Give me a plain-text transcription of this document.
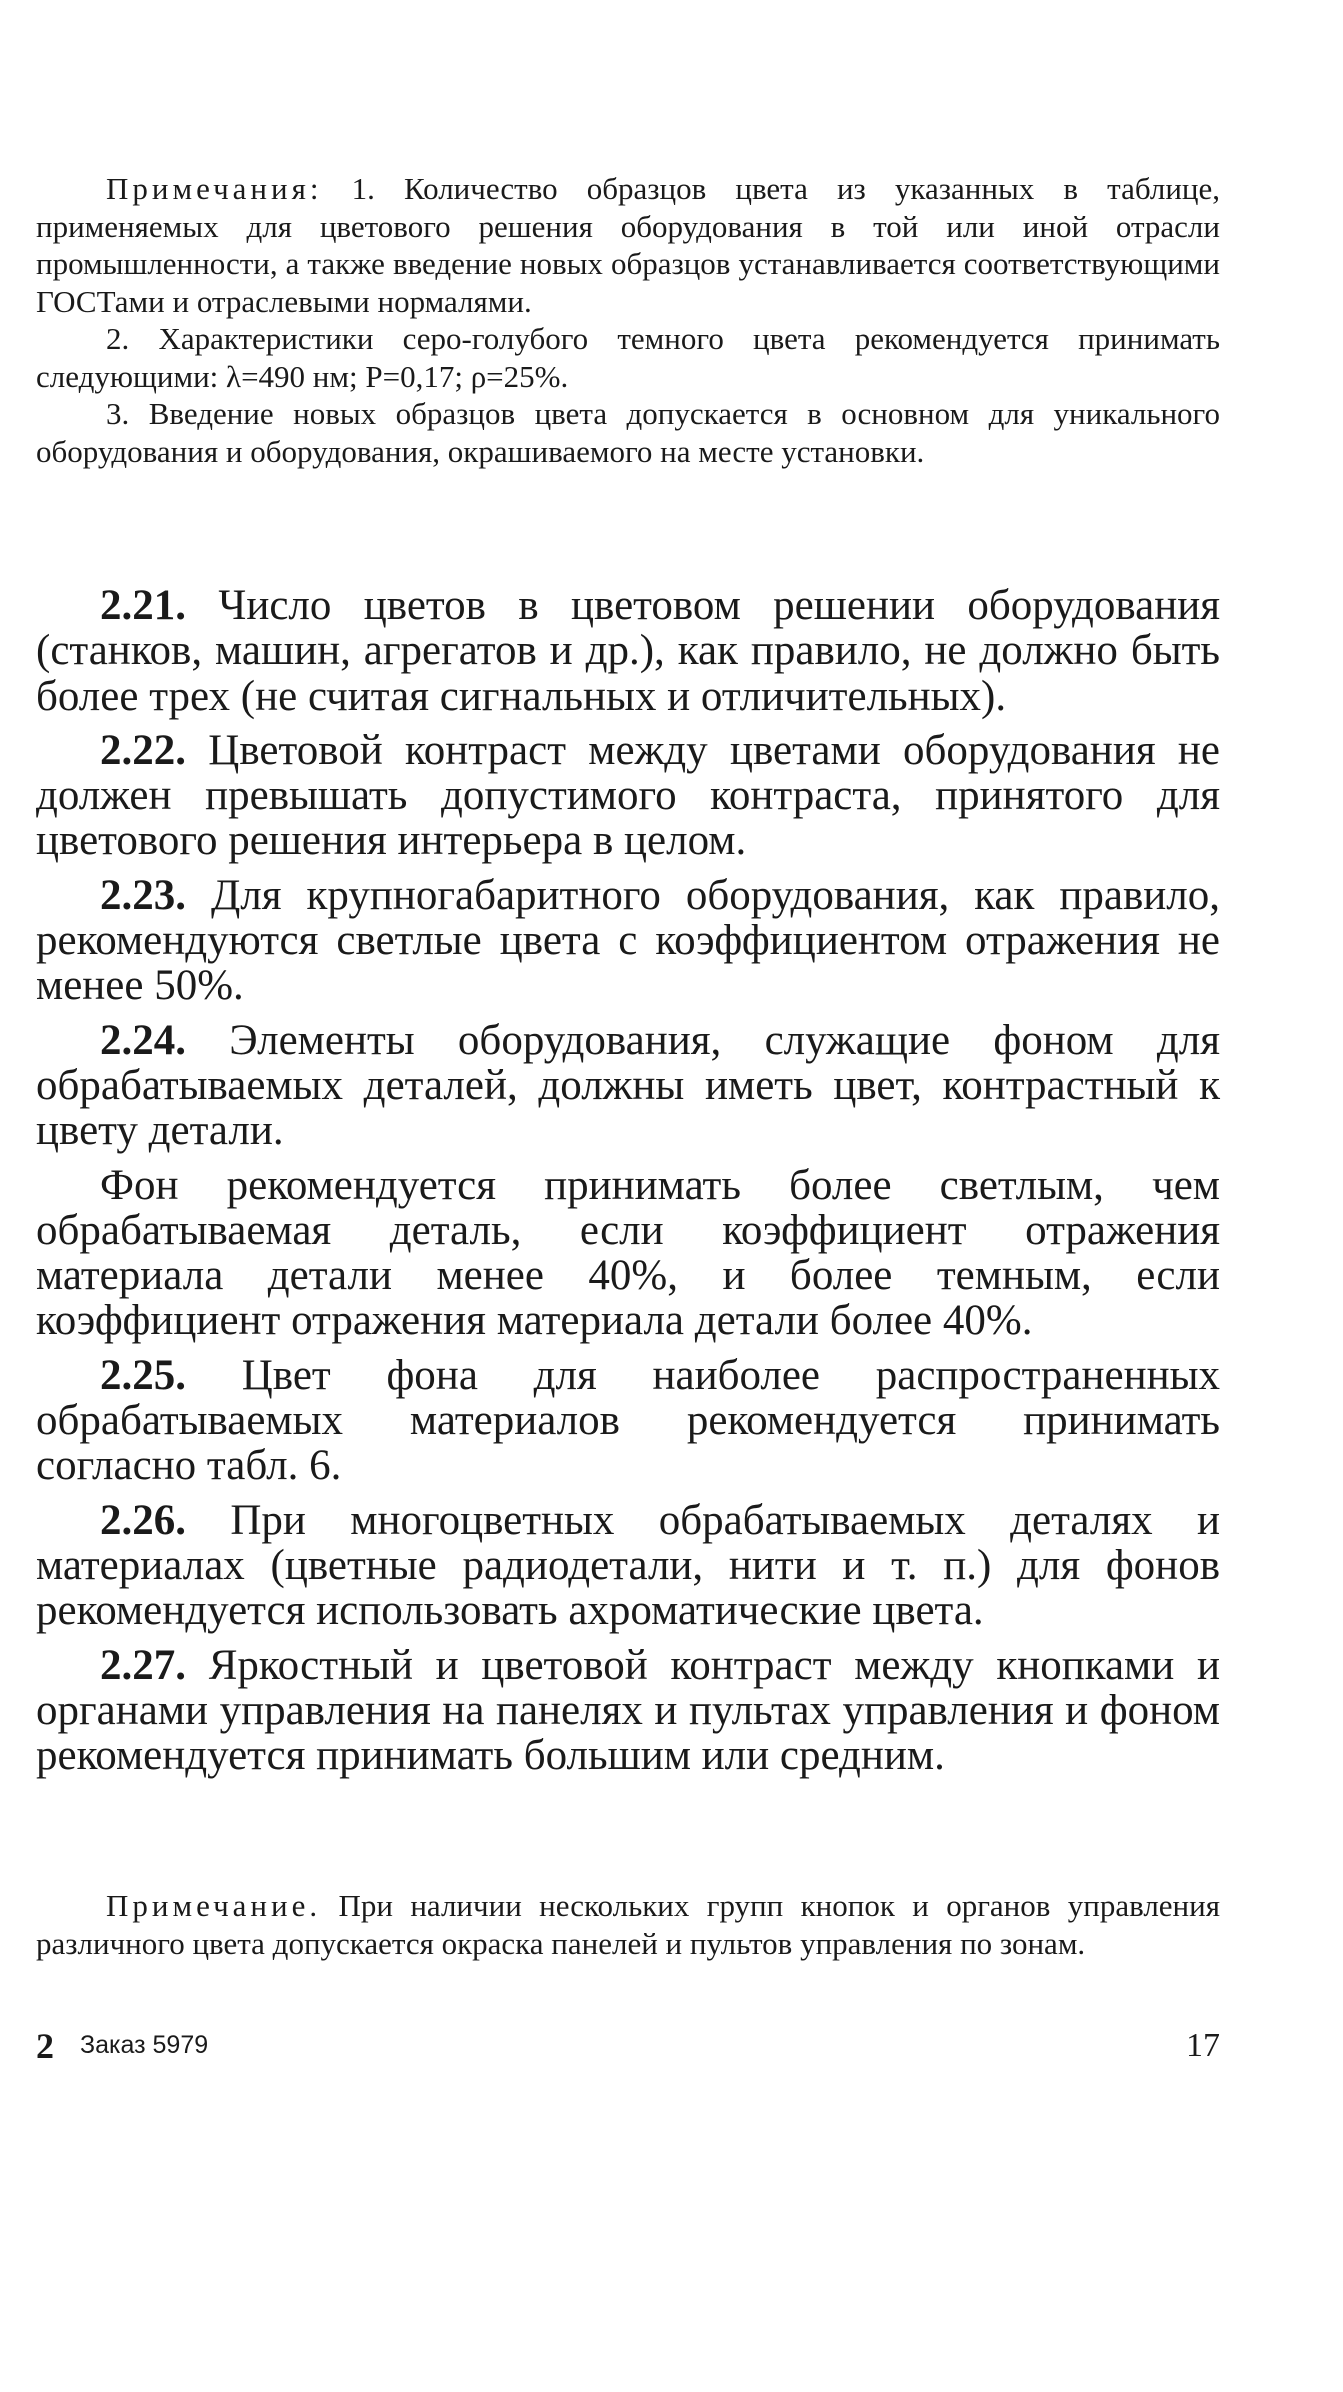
Примечания: 1. Количество образцов цвета из указанных в таблице, применяемых для цветового решения оборудования в той или иной отрасли промышленности, а также введение новых образцов устанавливается соответствующими ГОСТами и отраслевыми нормалями.

2. Характеристики серо-голубого темного цвета рекомендуется принимать следующими: λ=490 нм; P=0,17; ρ=25%.

3. Введение новых образцов цвета допускается в основном для уникального оборудования и оборудования, окрашиваемого на месте установки.

2.21. Число цветов в цветовом решении оборудования (станков, машин, агрегатов и др.), как правило, не должно быть более трех (не считая сигнальных и отличительных).

2.22. Цветовой контраст между цветами оборудования не должен превышать допустимого контраста, принятого для цветового решения интерьера в целом.

2.23. Для крупногабаритного оборудования, как правило, рекомендуются светлые цвета с коэффициентом отражения не менее 50%.

2.24. Элементы оборудования, служащие фоном для обрабатываемых деталей, должны иметь цвет, контрастный к цвету детали.

Фон рекомендуется принимать более светлым, чем обрабатываемая деталь, если коэффициент отражения материала детали менее 40%, и более темным, если коэффициент отражения материала детали более 40%.

2.25. Цвет фона для наиболее распространенных обрабатываемых материалов рекомендуется принимать согласно табл. 6.

2.26. При многоцветных обрабатываемых деталях и материалах (цветные радиодетали, нити и т. п.) для фонов рекомендуется использовать ахроматические цвета.

2.27. Яркостный и цветовой контраст между кнопками и органами управления на панелях и пультах управления и фоном рекомендуется принимать большим или средним.

Примечание. При наличии нескольких групп кнопок и органов управления различного цвета допускается окраска панелей и пультов управления по зонам.

2 Заказ 5979	17
